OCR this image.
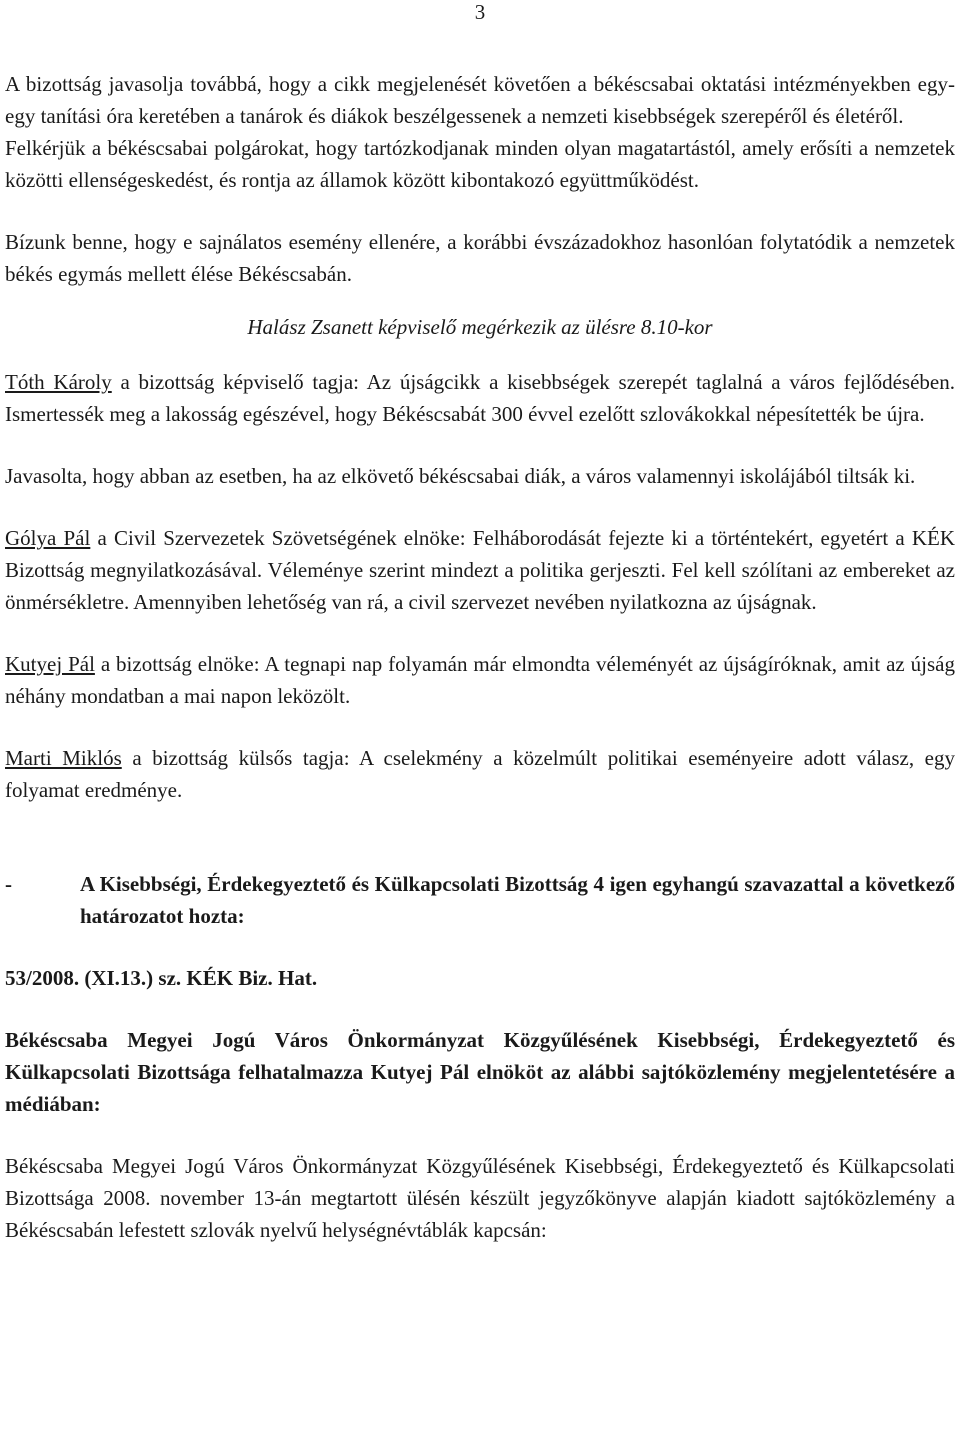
3

A bizottság javasolja továbbá, hogy a cikk megjelenését követően a békéscsabai oktatási intézményekben egy-egy tanítási óra keretében a tanárok és diákok beszélgessenek a nemzeti kisebbségek szerepéről és életéről.

Felkérjük a békéscsabai polgárokat, hogy tartózkodjanak minden olyan magatartástól, amely erősíti a nemzetek közötti ellenségeskedést, és rontja az államok között kibontakozó együttműködést.

Bízunk benne, hogy e sajnálatos esemény ellenére, a korábbi évszázadokhoz hasonlóan folytatódik a nemzetek békés egymás mellett élése Békéscsabán.

Halász Zsanett képviselő megérkezik az ülésre 8.10-kor

Tóth Károly a bizottság képviselő tagja: Az újságcikk a kisebbségek szerepét taglalná a város fejlődésében. Ismertessék meg a lakosság egészével, hogy Békéscsabát 300 évvel ezelőtt szlovákokkal népesítették be újra.

Javasolta, hogy abban az esetben, ha az elkövető békéscsabai diák, a város valamennyi iskolájából tiltsák ki.

Gólya Pál a Civil Szervezetek Szövetségének elnöke: Felháborodását fejezte ki a történtekért, egyetért a KÉK Bizottság megnyilatkozásával. Véleménye szerint mindezt a politika gerjeszti. Fel kell szólítani az embereket az önmérsékletre. Amennyiben lehetőség van rá, a civil szervezet nevében nyilatkozna az újságnak.

Kutyej Pál a bizottság elnöke: A tegnapi nap folyamán már elmondta véleményét az újságíróknak, amit az újság néhány mondatban a mai napon leközölt.

Marti Miklós a bizottság külsős tagja: A cselekmény a közelmúlt politikai eseményeire adott válasz, egy folyamat eredménye.

-	A Kisebbségi, Érdekegyeztető és Külkapcsolati Bizottság 4 igen egyhangú szavazattal a következő határozatot hozta:

53/2008. (XI.13.) sz. KÉK Biz. Hat.

Békéscsaba Megyei Jogú Város Önkormányzat Közgyűlésének Kisebbségi, Érdekegyeztető és Külkapcsolati Bizottsága felhatalmazza Kutyej Pál elnököt az alábbi sajtóközlemény megjelentetésére a médiában:

Békéscsaba Megyei Jogú Város Önkormányzat Közgyűlésének Kisebbségi, Érdekegyeztető és Külkapcsolati Bizottsága 2008. november 13-án megtartott ülésén készült jegyzőkönyve alapján kiadott sajtóközlemény a Békéscsabán lefestett szlovák nyelvű helységnévtáblák kapcsán:
